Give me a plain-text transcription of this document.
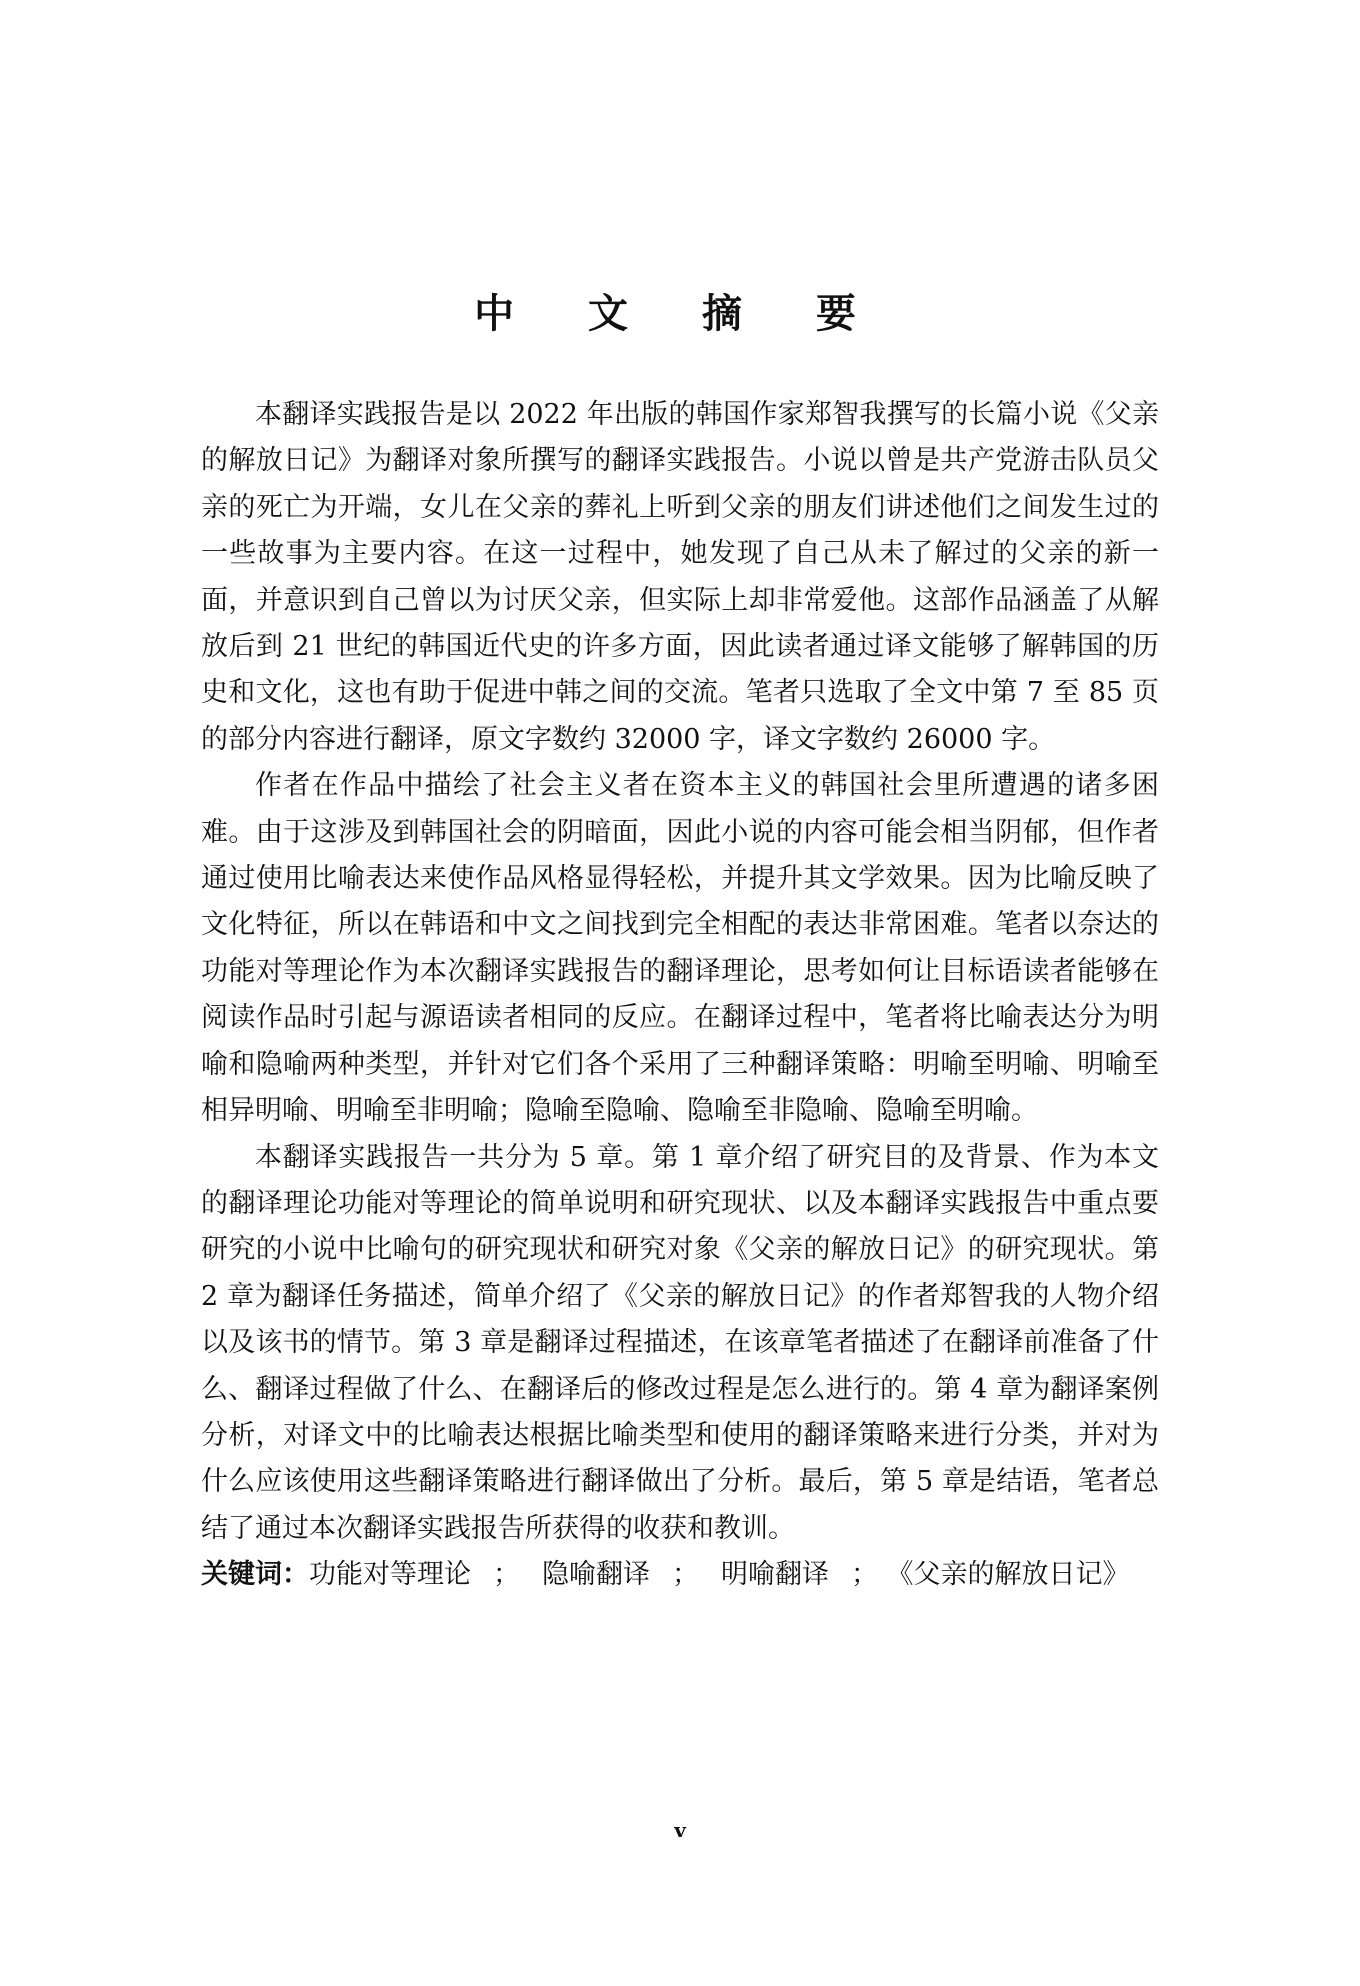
中 文 摘 要

本翻译实践报告是以 2022 年出版的韩国作家郑智我撰写的长篇小说《父亲的解放日记》为翻译对象所撰写的翻译实践报告。小说以曾是共产党游击队员父亲的死亡为开端，女儿在父亲的葬礼上听到父亲的朋友们讲述他们之间发生过的一些故事为主要内容。在这一过程中，她发现了自己从未了解过的父亲的新一面，并意识到自己曾以为讨厌父亲，但实际上却非常爱他。这部作品涵盖了从解放后到 21 世纪的韩国近代史的许多方面，因此读者通过译文能够了解韩国的历史和文化，这也有助于促进中韩之间的交流。笔者只选取了全文中第 7 至 85 页的部分内容进行翻译，原文字数约 32000 字，译文字数约 26000 字。

作者在作品中描绘了社会主义者在资本主义的韩国社会里所遭遇的诸多困难。由于这涉及到韩国社会的阴暗面，因此小说的内容可能会相当阴郁，但作者通过使用比喻表达来使作品风格显得轻松，并提升其文学效果。因为比喻反映了文化特征，所以在韩语和中文之间找到完全相配的表达非常困难。笔者以奈达的功能对等理论作为本次翻译实践报告的翻译理论，思考如何让目标语读者能够在阅读作品时引起与源语读者相同的反应。在翻译过程中，笔者将比喻表达分为明喻和隐喻两种类型，并针对它们各个采用了三种翻译策略：明喻至明喻、明喻至相异明喻、明喻至非明喻；隐喻至隐喻、隐喻至非隐喻、隐喻至明喻。

本翻译实践报告一共分为 5 章。第 1 章介绍了研究目的及背景、作为本文的翻译理论功能对等理论的简单说明和研究现状、以及本翻译实践报告中重点要研究的小说中比喻句的研究现状和研究对象《父亲的解放日记》的研究现状。第 2 章为翻译任务描述，简单介绍了《父亲的解放日记》的作者郑智我的人物介绍以及该书的情节。第 3 章是翻译过程描述，在该章笔者描述了在翻译前准备了什么、翻译过程做了什么、在翻译后的修改过程是怎么进行的。第 4 章为翻译案例分析，对译文中的比喻表达根据比喻类型和使用的翻译策略来进行分类，并对为什么应该使用这些翻译策略进行翻译做出了分析。最后，第 5 章是结语，笔者总结了通过本次翻译实践报告所获得的收获和教训。

关键词：功能对等理论 ； 隐喻翻译 ； 明喻翻译 ； 《父亲的解放日记》

v
